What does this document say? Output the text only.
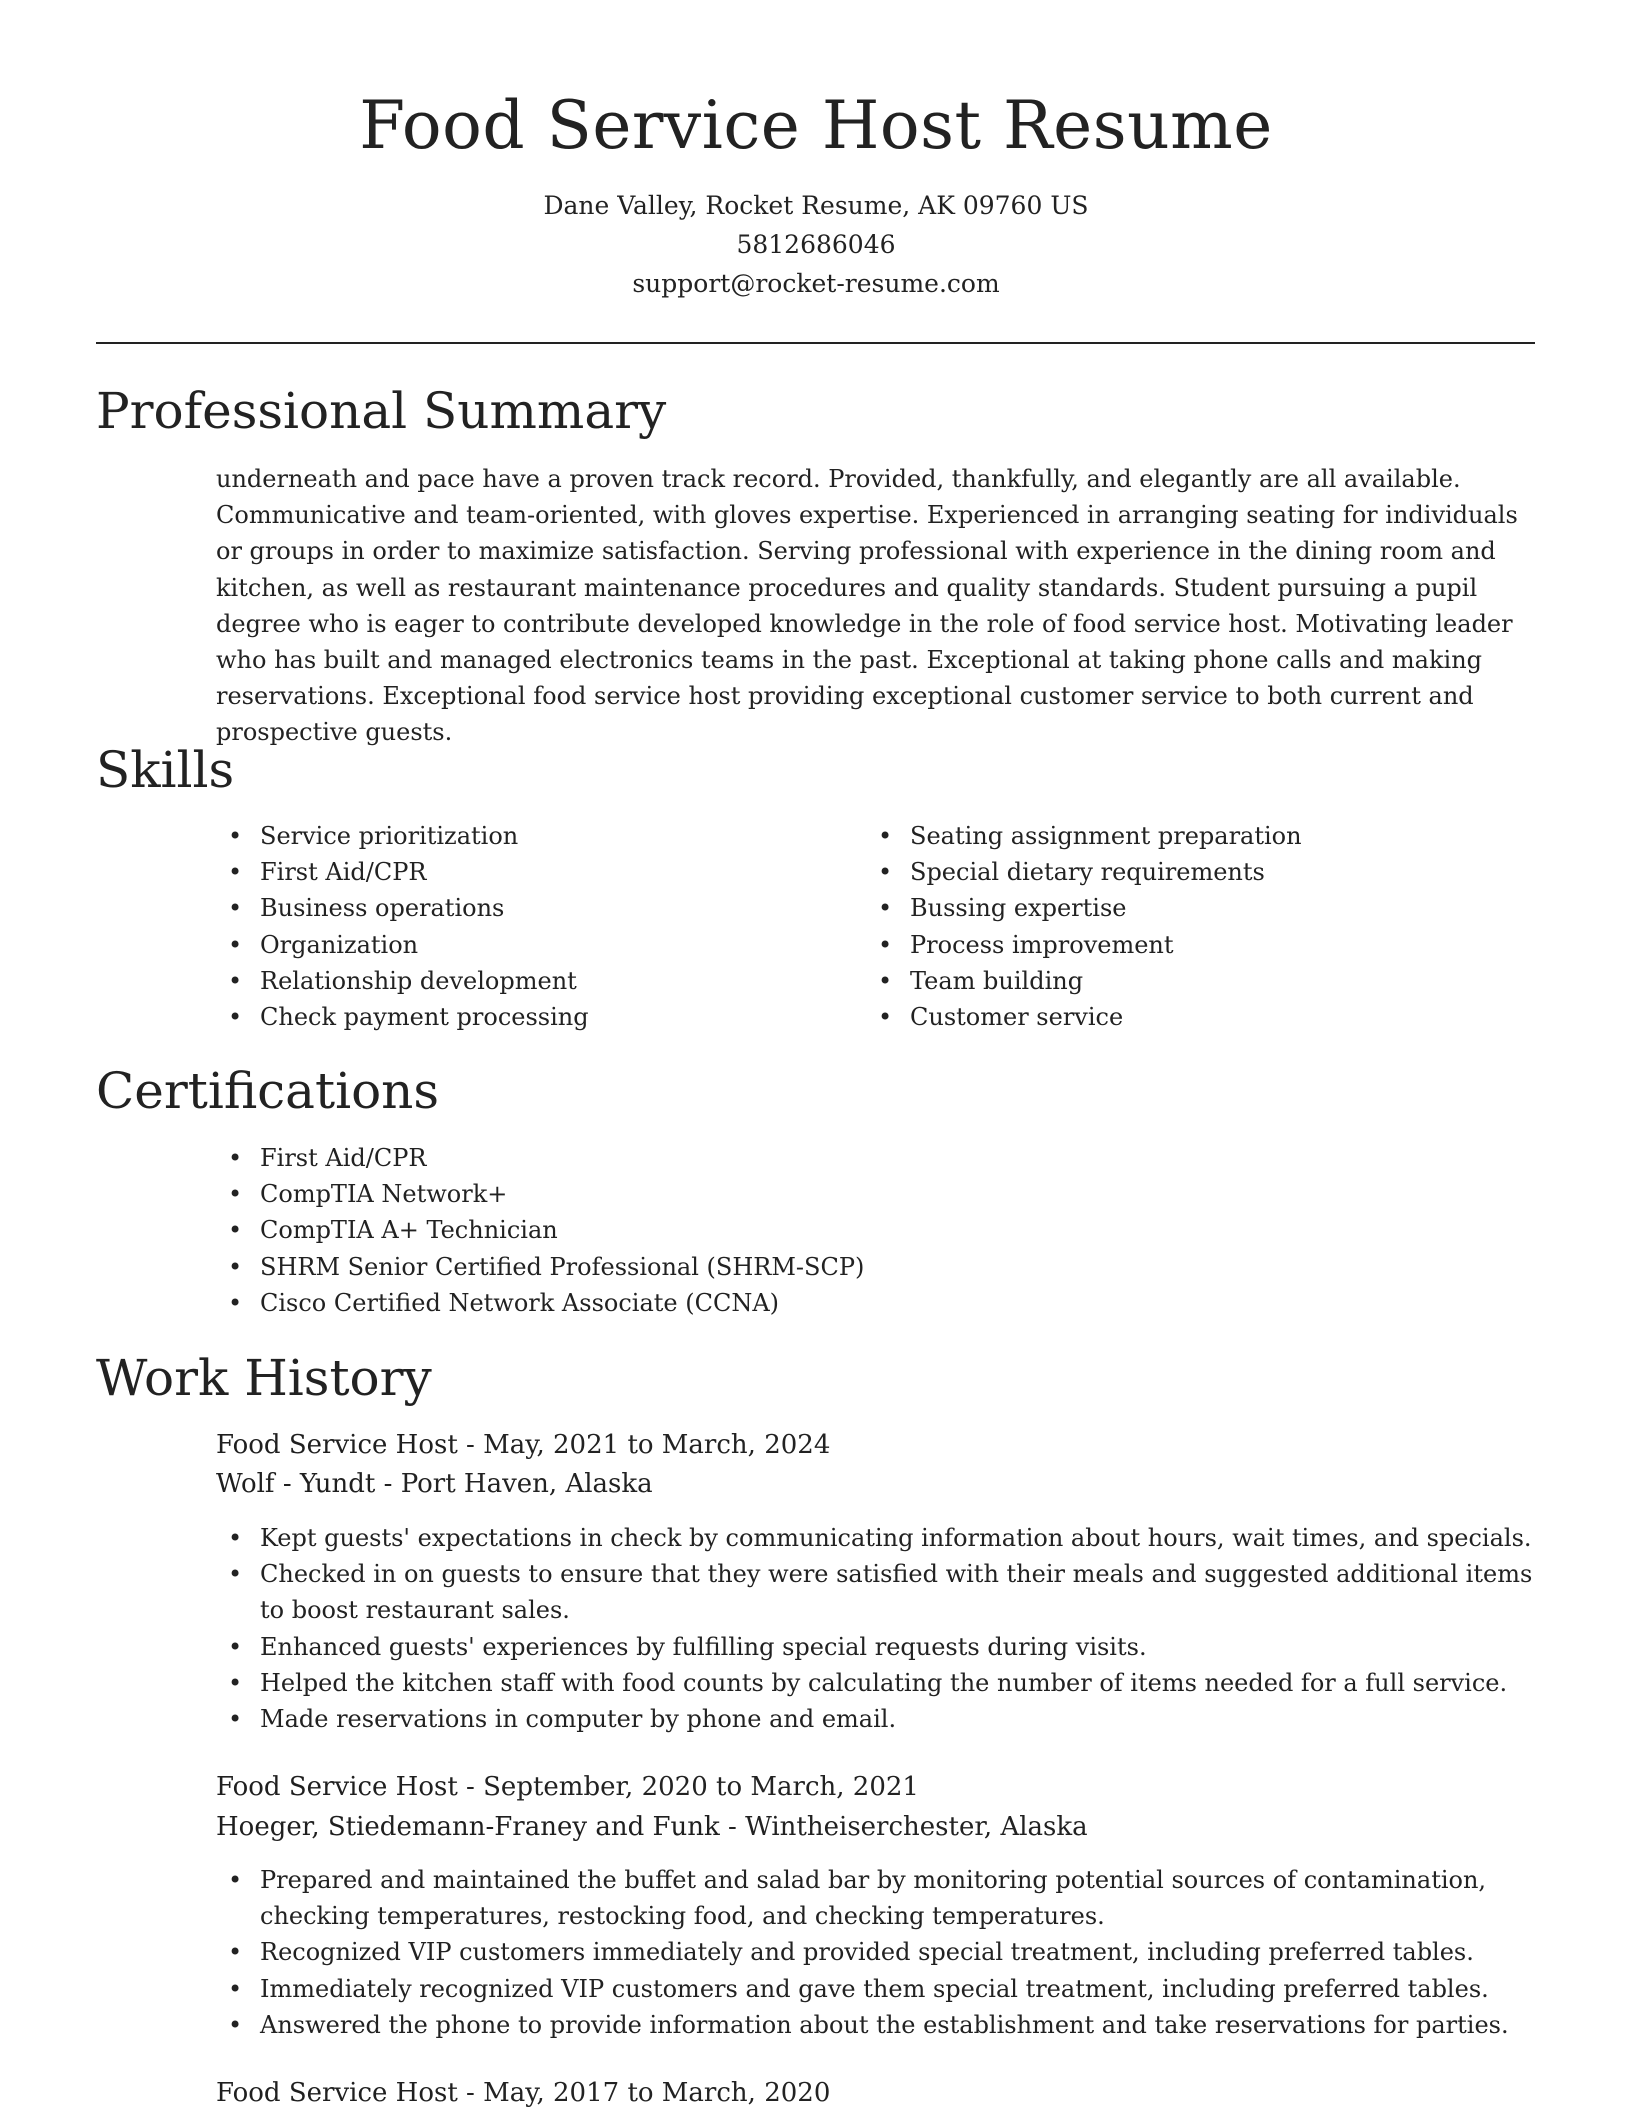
Food Service Host Resume
Dane Valley, Rocket Resume, AK 09760 US
5812686046
support@rocket-resume.com
Professional Summary

underneath and pace have a proven track record. Provided, thankfully, and elegantly are all available. Communicative and team-oriented, with gloves expertise. Experienced in arranging seating for individuals or groups in order to maximize satisfaction. Serving professional with experience in the dining room and kitchen, as well as restaurant maintenance procedures and quality standards. Student pursuing a pupil degree who is eager to contribute developed knowledge in the role of food service host. Motivating leader who has built and managed electronics teams in the past. Exceptional at taking phone calls and making reservations. Exceptional food service host providing exceptional customer service to both current and prospective guests.

Skills
• Service prioritization
• First Aid/CPR
• Business operations
• Organization
• Relationship development
• Check payment processing
• Seating assignment preparation
• Special dietary requirements
• Bussing expertise
• Process improvement
• Team building
• Customer service
Certifications
• First Aid/CPR
• CompTIA Network+
• CompTIA A+ Technician
• SHRM Senior Certified Professional (SHRM-SCP)
• Cisco Certified Network Associate (CCNA)
Work History
Food Service Host - May, 2021 to March, 2024
Wolf - Yundt - Port Haven, Alaska
• Kept guests' expectations in check by communicating information about hours, wait times, and specials.
• Checked in on guests to ensure that they were satisfied with their meals and suggested additional items to boost restaurant sales.
• Enhanced guests' experiences by fulfilling special requests during visits.
• Helped the kitchen staff with food counts by calculating the number of items needed for a full service.
• Made reservations in computer by phone and email.
Food Service Host - September, 2020 to March, 2021
Hoeger, Stiedemann-Franey and Funk - Wintheiserchester, Alaska
• Prepared and maintained the buffet and salad bar by monitoring potential sources of contamination, checking temperatures, restocking food, and checking temperatures.
• Recognized VIP customers immediately and provided special treatment, including preferred tables.
• Immediately recognized VIP customers and gave them special treatment, including preferred tables.
• Answered the phone to provide information about the establishment and take reservations for parties.
Food Service Host - May, 2017 to March, 2020
